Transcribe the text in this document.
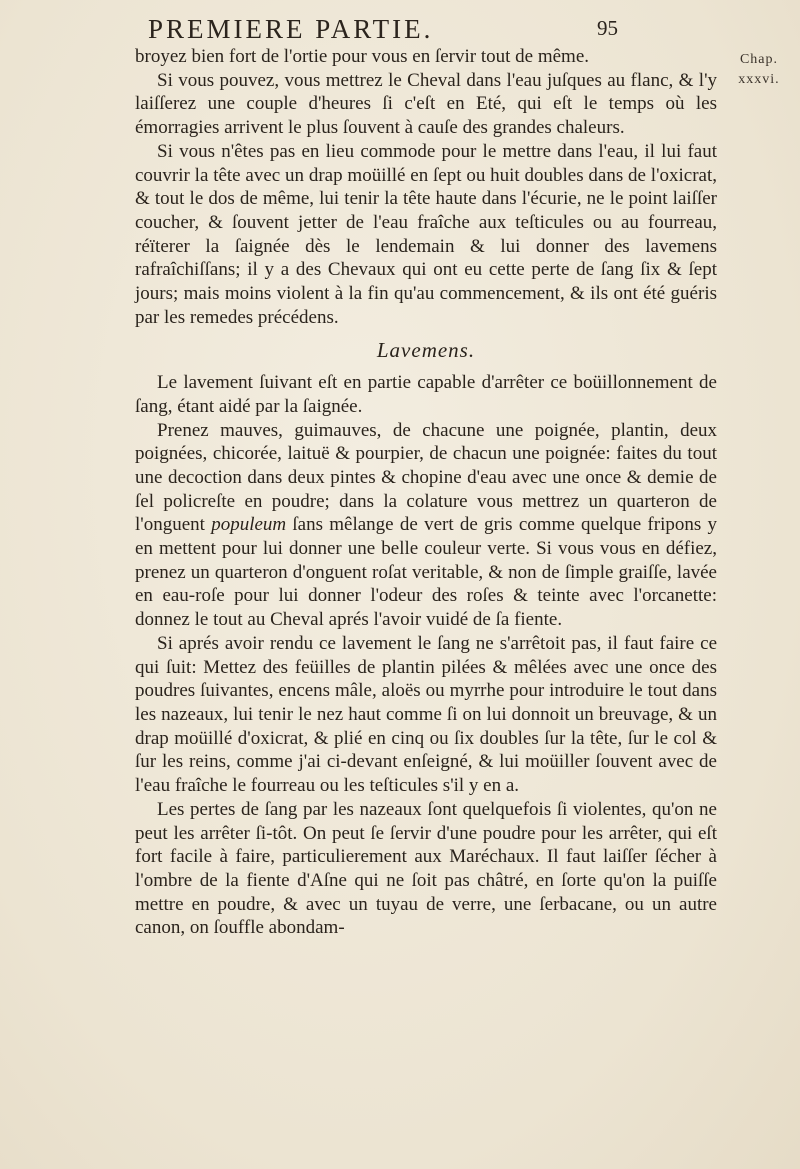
PREMIERE PARTIE.	95
Chap.
xxxvi.

broyez bien fort de l'ortie pour vous en ſervir tout de même.

Si vous pouvez, vous mettrez le Cheval dans l'eau juſques au flanc, & l'y laiſſerez une couple d'heures ſi c'eſt en Eté, qui eſt le temps où les émorragies arrivent le plus ſouvent à cauſe des grandes chaleurs.

Si vous n'êtes pas en lieu commode pour le mettre dans l'eau, il lui faut couvrir la tête avec un drap moüillé en ſept ou huit doubles dans de l'oxicrat, & tout le dos de même, lui tenir la tête haute dans l'écurie, ne le point laiſſer coucher, & ſouvent jetter de l'eau fraîche aux teſticules ou au fourreau, réïterer la ſaignée dès le lendemain & lui donner des lavemens rafraîchiſſans; il y a des Chevaux qui ont eu cette perte de ſang ſix & ſept jours; mais moins violent à la fin qu'au commencement, & ils ont été guéris par les remedes précédens.

Lavemens.

Le lavement ſuivant eſt en partie capable d'arrêter ce boüillonnement de ſang, étant aidé par la ſaignée.

Prenez mauves, guimauves, de chacune une poignée, plantin, deux poignées, chicorée, laituë & pourpier, de chacun une poignée: faites du tout une decoction dans deux pintes & chopine d'eau avec une once & demie de ſel policreſte en poudre; dans la colature vous mettrez un quarteron de l'onguent populeum ſans mêlange de vert de gris comme quelque fripons y en mettent pour lui donner une belle couleur verte. Si vous vous en défiez, prenez un quarteron d'onguent roſat veritable, & non de ſimple graiſſe, lavée en eau-roſe pour lui donner l'odeur des roſes & teinte avec l'orcanette: donnez le tout au Cheval aprés l'avoir vuidé de ſa fiente.

Si aprés avoir rendu ce lavement le ſang ne s'arrêtoit pas, il faut faire ce qui ſuit: Mettez des feüilles de plantin pilées & mêlées avec une once des poudres ſuivantes, encens mâle, aloës ou myrrhe pour introduire le tout dans les nazeaux, lui tenir le nez haut comme ſi on lui donnoit un breuvage, & un drap moüillé d'oxicrat, & plié en cinq ou ſix doubles ſur la tête, ſur le col & ſur les reins, comme j'ai ci-devant enſeigné, & lui moüiller ſouvent avec de l'eau fraîche le fourreau ou les teſticules s'il y en a.

Les pertes de ſang par les nazeaux ſont quelquefois ſi violentes, qu'on ne peut les arrêter ſi-tôt. On peut ſe ſervir d'une poudre pour les arrêter, qui eſt fort facile à faire, particulierement aux Maréchaux. Il faut laiſſer ſécher à l'ombre de la fiente d'Aſne qui ne ſoit pas châtré, en ſorte qu'on la puiſſe mettre en poudre, & avec un tuyau de verre, une ſerbacane, ou un autre canon, on ſouffle abondam-
